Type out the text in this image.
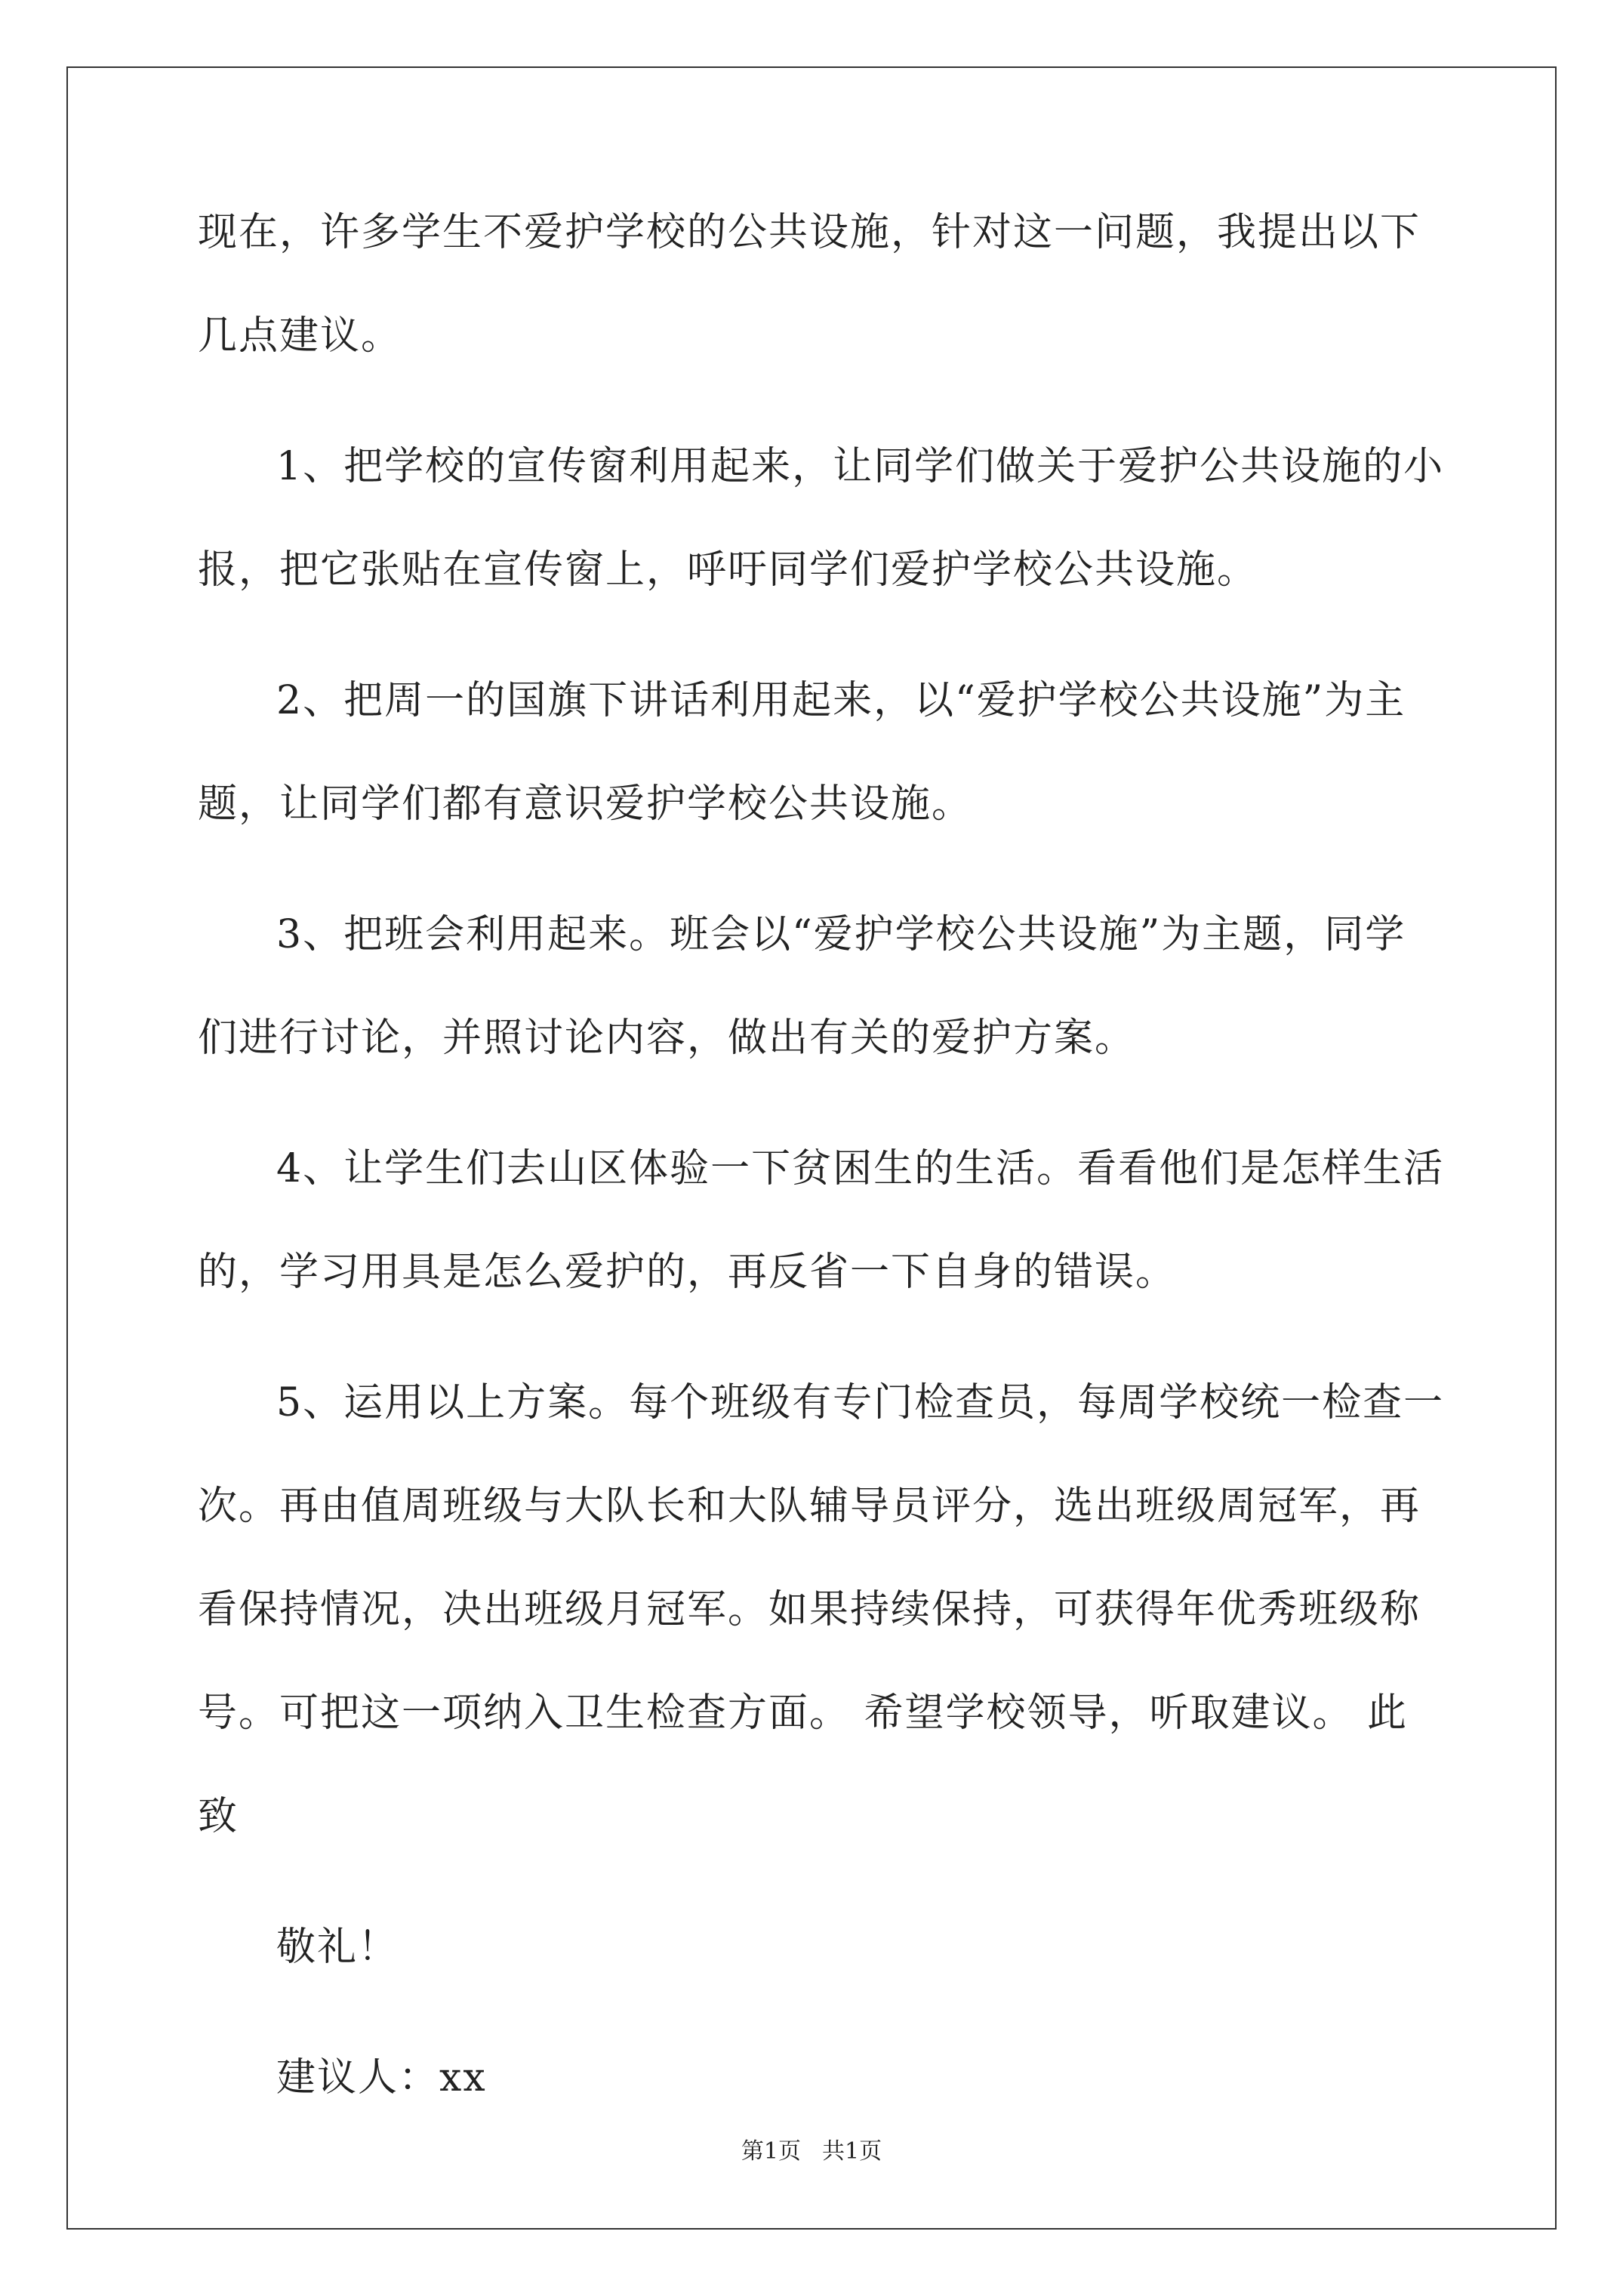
现在，许多学生不爱护学校的公共设施，针对这一问题，我提出以下
几点建议。
1、把学校的宣传窗利用起来，让同学们做关于爱护公共设施的小
报，把它张贴在宣传窗上，呼吁同学们爱护学校公共设施。
2、把周一的国旗下讲话利用起来，以“爱护学校公共设施”为主
题，让同学们都有意识爱护学校公共设施。
3、把班会利用起来。班会以“爱护学校公共设施”为主题，同学
们进行讨论，并照讨论内容，做出有关的爱护方案。
4、让学生们去山区体验一下贫困生的生活。看看他们是怎样生活
的，学习用具是怎么爱护的，再反省一下自身的错误。
5、运用以上方案。每个班级有专门检查员，每周学校统一检查一
次。再由值周班级与大队长和大队辅导员评分，选出班级周冠军，再
看保持情况，决出班级月冠军。如果持续保持，可获得年优秀班级称
号。可把这一项纳入卫生检查方面。 希望学校领导，听取建议。 此
致
敬礼！
建议人：xx
第1页 共1页
